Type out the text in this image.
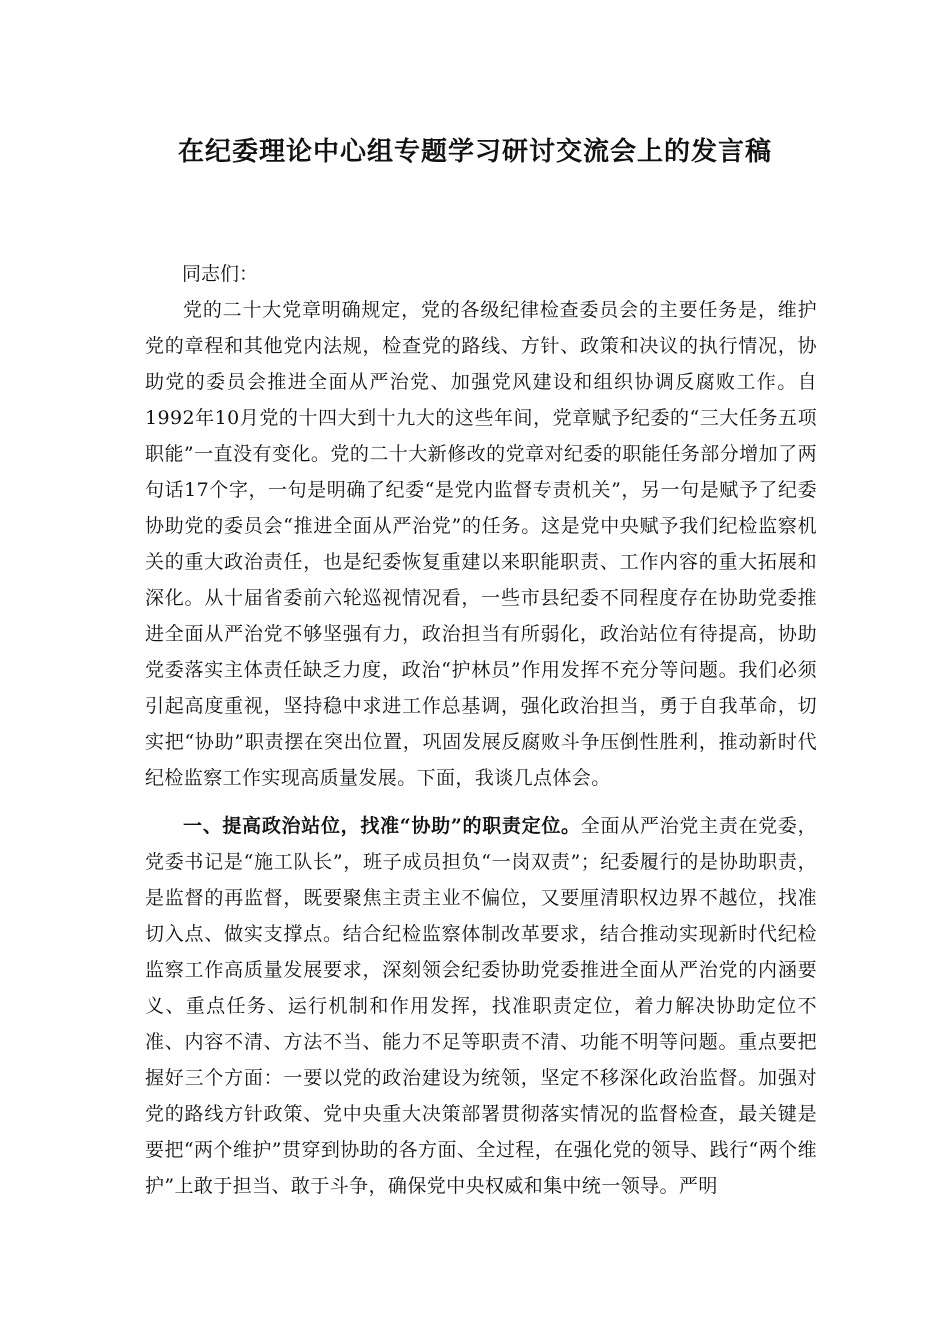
在纪委理论中心组专题学习研讨交流会上的发言稿
同志们：
党的二十大党章明确规定，党的各级纪律检查委员会的主要任务是，维护党的章程和其他党内法规，检查党的路线、方针、政策和决议的执行情况，协助党的委员会推进全面从严治党、加强党风建设和组织协调反腐败工作。自1992年10月党的十四大到十九大的这些年间，党章赋予纪委的“三大任务五项职能”一直没有变化。党的二十大新修改的党章对纪委的职能任务部分增加了两句话17个字，一句是明确了纪委“是党内监督专责机关”，另一句是赋予了纪委协助党的委员会“推进全面从严治党”的任务。这是党中央赋予我们纪检监察机关的重大政治责任，也是纪委恢复重建以来职能职责、工作内容的重大拓展和深化。从十届省委前六轮巡视情况看，一些市县纪委不同程度存在协助党委推进全面从严治党不够坚强有力，政治担当有所弱化，政治站位有待提高，协助党委落实主体责任缺乏力度，政治“护林员”作用发挥不充分等问题。我们必须引起高度重视，坚持稳中求进工作总基调，强化政治担当，勇于自我革命，切实把“协助”职责摆在突出位置，巩固发展反腐败斗争压倒性胜利，推动新时代纪检监察工作实现高质量发展。下面，我谈几点体会。
一、提高政治站位，找准“协助”的职责定位。全面从严治党主责在党委，党委书记是“施工队长”，班子成员担负“一岗双责”；纪委履行的是协助职责，是监督的再监督，既要聚焦主责主业不偏位，又要厘清职权边界不越位，找准切入点、做实支撑点。结合纪检监察体制改革要求，结合推动实现新时代纪检监察工作高质量发展要求，深刻领会纪委协助党委推进全面从严治党的内涵要义、重点任务、运行机制和作用发挥，找准职责定位，着力解决协助定位不准、内容不清、方法不当、能力不足等职责不清、功能不明等问题。重点要把握好三个方面：一要以党的政治建设为统领，坚定不移深化政治监督。加强对党的路线方针政策、党中央重大决策部署贯彻落实情况的监督检查，最关键是要把“两个维护”贯穿到协助的各方面、全过程，在强化党的领导、践行“两个维护”上敢于担当、敢于斗争，确保党中央权威和集中统一领导。严明
